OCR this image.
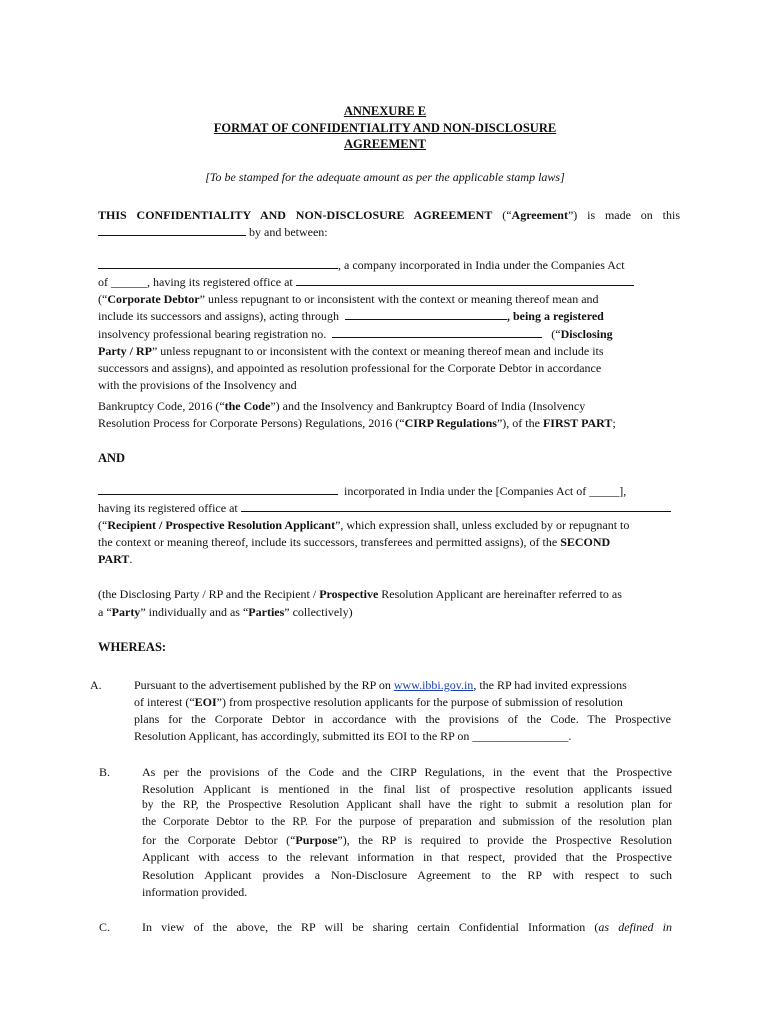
ANNEXURE E
FORMAT OF CONFIDENTIALITY AND NON-DISCLOSURE
AGREEMENT
[To be stamped for the adequate amount as per the applicable stamp laws]
THIS CONFIDENTIALITY AND NON-DISCLOSURE AGREEMENT (“Agreement”) is made on this
by and between:
, a company incorporated in India under the Companies Act
of ______, having its registered office at
(“Corporate Debtor” unless repugnant to or inconsistent with the context or meaning thereof mean and
include its successors and assigns), acting through	, being a registered
insolvency professional bearing registration no.	(“Disclosing
Party / RP” unless repugnant to or inconsistent with the context or meaning thereof mean and include its
successors and assigns), and appointed as resolution professional for the Corporate Debtor in accordance
with the provisions of the Insolvency and
Bankruptcy Code, 2016 (“the Code”) and the Insolvency and Bankruptcy Board of India (Insolvency
Resolution Process for Corporate Persons) Regulations, 2016 (“CIRP Regulations”), of the FIRST PART;
AND
incorporated in India under the [Companies Act of _____],
having its registered office at
(“Recipient / Prospective Resolution Applicant”, which expression shall, unless excluded by or repugnant to
the context or meaning thereof, include its successors, transferees and permitted assigns), of the SECOND
PART.
(the Disclosing Party / RP and the Recipient / Prospective Resolution Applicant are hereinafter referred to as
a “Party” individually and as “Parties” collectively)
WHEREAS:
A.	Pursuant to the advertisement published by the RP on www.ibbi.gov.in, the RP had invited expressions
of interest (“EOI”) from prospective resolution applicants for the purpose of submission of resolution
plans for the Corporate Debtor in accordance with the provisions of the Code. The Prospective
Resolution Applicant, has accordingly, submitted its EOI to the RP on ________________.
B.	As per the provisions of the Code and the CIRP Regulations, in the event that the Prospective
Resolution Applicant is mentioned in the final list of prospective resolution applicants issued
by the RP, the Prospective Resolution Applicant shall have the right to submit a resolution plan for
the Corporate Debtor to the RP. For the purpose of preparation and submission of the resolution plan
for the Corporate Debtor (“Purpose”), the RP is required to provide the Prospective Resolution
Applicant with access to the relevant information in that respect, provided that the Prospective
Resolution Applicant provides a Non-Disclosure Agreement to the RP with respect to such
information provided.
C.	In view of the above, the RP will be sharing certain Confidential Information (as defined in
